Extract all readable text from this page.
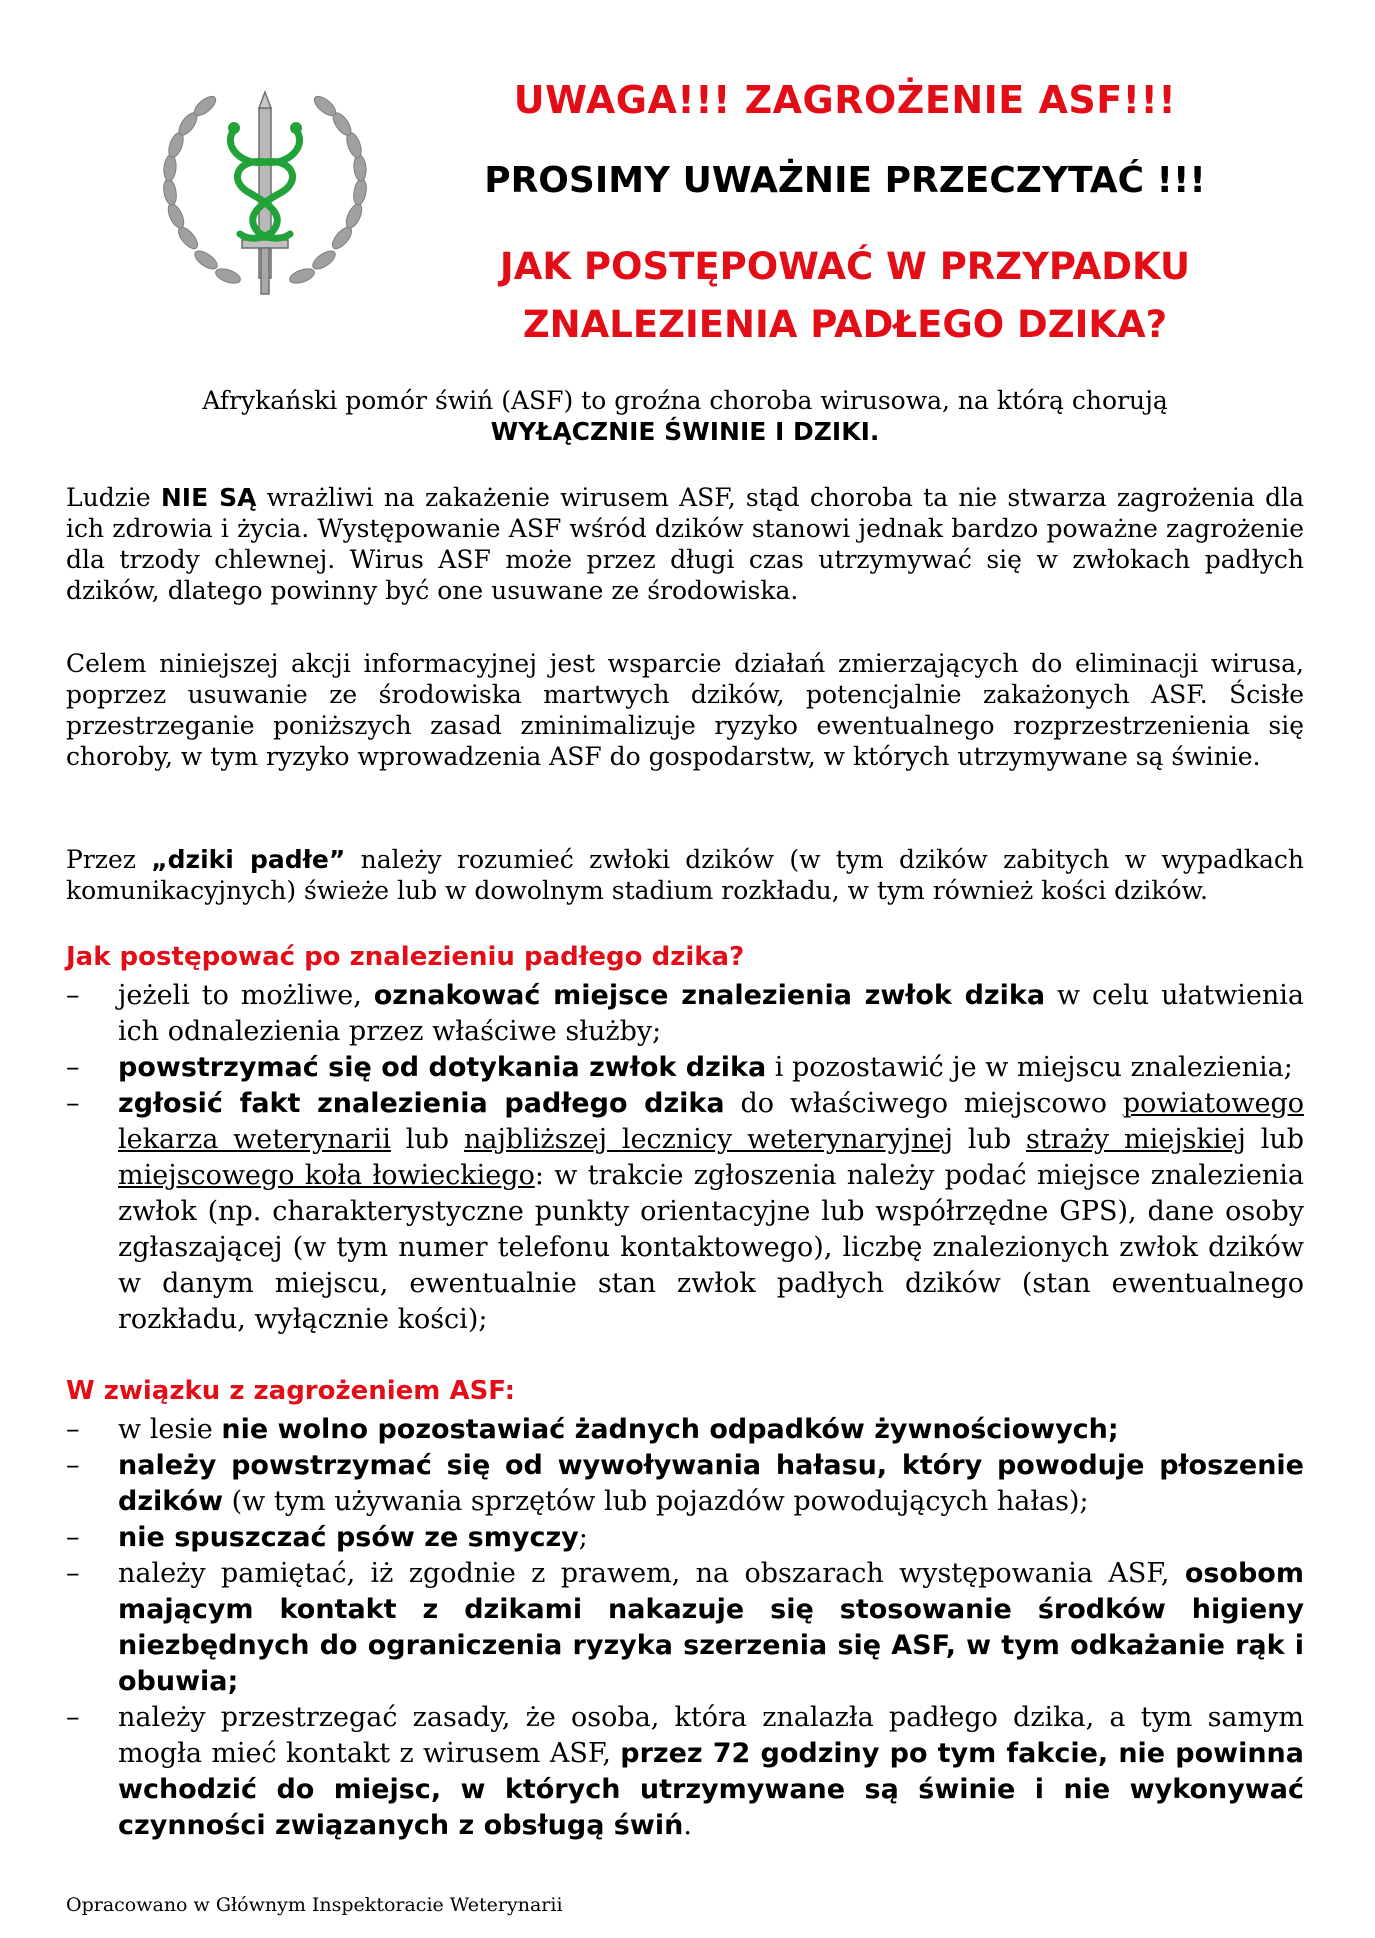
UWAGA!!! ZAGROŻENIE ASF!!!
PROSIMY UWAŻNIE PRZECZYTAĆ !!!
JAK POSTĘPOWAĆ W PRZYPADKU
ZNALEZIENIA PADŁEGO DZIKA?
Afrykański pomór świń (ASF) to groźna choroba wirusowa, na którą chorują
WYŁĄCZNIE ŚWINIE I DZIKI.
Ludzie NIE SĄ wrażliwi na zakażenie wirusem ASF, stąd choroba ta nie stwarza zagrożenia dla ich zdrowia i życia. Występowanie ASF wśród dzików stanowi jednak bardzo poważne zagrożenie dla trzody chlewnej. Wirus ASF może przez długi czas utrzymywać się w zwłokach padłych dzików, dlatego powinny być one usuwane ze środowiska.
Celem niniejszej akcji informacyjnej jest wsparcie działań zmierzających do eliminacji wirusa, poprzez usuwanie ze środowiska martwych dzików, potencjalnie zakażonych ASF. Ścisłe przestrzeganie poniższych zasad zminimalizuje ryzyko ewentualnego rozprzestrzenienia się choroby, w tym ryzyko wprowadzenia ASF do gospodarstw, w których utrzymywane są świnie.
Przez „dziki padłe” należy rozumieć zwłoki dzików (w tym dzików zabitych w wypadkach komunikacyjnych) świeże lub w dowolnym stadium rozkładu, w tym również kości dzików.
Jak postępować po znalezieniu padłego dzika?
– jeżeli to możliwe, oznakować miejsce znalezienia zwłok dzika w celu ułatwienia ich odnalezienia przez właściwe służby;
– powstrzymać się od dotykania zwłok dzika i pozostawić je w miejscu znalezienia;
– zgłosić fakt znalezienia padłego dzika do właściwego miejscowo powiatowego lekarza weterynarii lub najbliższej lecznicy weterynaryjnej lub straży miejskiej lub miejscowego koła łowieckiego: w trakcie zgłoszenia należy podać miejsce znalezienia zwłok (np. charakterystyczne punkty orientacyjne lub współrzędne GPS), dane osoby zgłaszającej (w tym numer telefonu kontaktowego), liczbę znalezionych zwłok dzików w danym miejscu, ewentualnie stan zwłok padłych dzików (stan ewentualnego rozkładu, wyłącznie kości);
W związku z zagrożeniem ASF:
– w lesie nie wolno pozostawiać żadnych odpadków żywnościowych;
– należy powstrzymać się od wywoływania hałasu, który powoduje płoszenie dzików (w tym używania sprzętów lub pojazdów powodujących hałas);
– nie spuszczać psów ze smyczy;
– należy pamiętać, iż zgodnie z prawem, na obszarach występowania ASF, osobom mającym kontakt z dzikami nakazuje się stosowanie środków higieny niezbędnych do ograniczenia ryzyka szerzenia się ASF, w tym odkażanie rąk i obuwia;
– należy przestrzegać zasady, że osoba, która znalazła padłego dzika, a tym samym mogła mieć kontakt z wirusem ASF, przez 72 godziny po tym fakcie, nie powinna wchodzić do miejsc, w których utrzymywane są świnie i nie wykonywać czynności związanych z obsługą świń.
Opracowano w Głównym Inspektoracie Weterynarii
